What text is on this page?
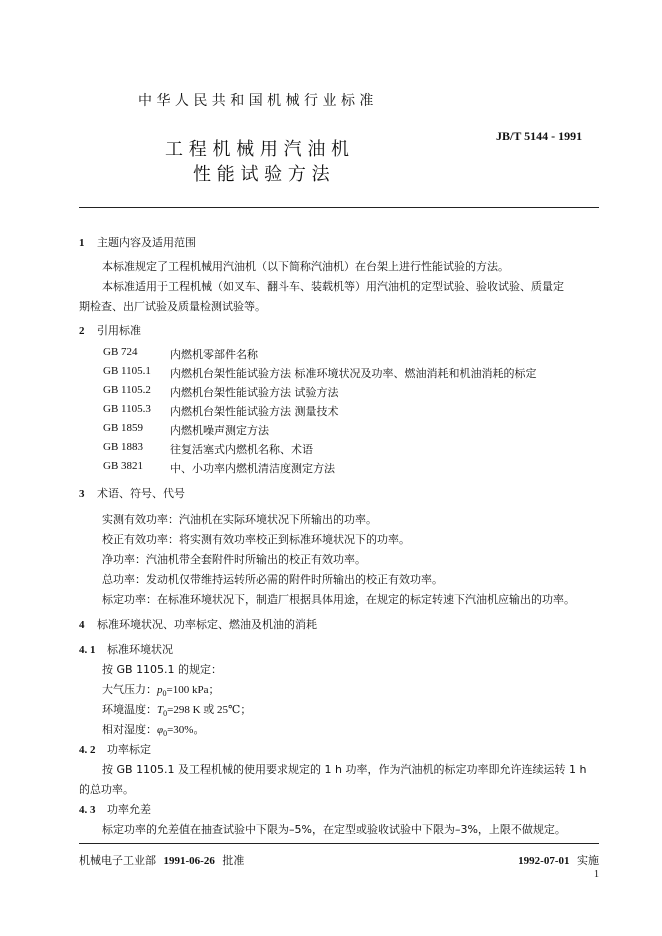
中 华 人 民 共 和 国 机 械 行 业 标 准
工 程 机 械 用 汽 油 机
性 能 试 验 方 法
JB/T 5144 - 1991
1 主题内容及适用范围
本标准规定了工程机械用汽油机（以下简称汽油机）在台架上进行性能试验的方法。
本标准适用于工程机械（如叉车、翻斗车、装载机等）用汽油机的定型试验、验收试验、质量定
期检查、出厂试验及质量检测试验等。
2 引用标准
GB 724	内燃机零部件名称
GB 1105.1 内燃机台架性能试验方法 标准环境状况及功率、燃油消耗和机油消耗的标定
GB 1105.2 内燃机台架性能试验方法 试验方法
GB 1105.3 内燃机台架性能试验方法 测量技术
GB 1859 内燃机噪声测定方法
GB 1883 往复活塞式内燃机名称、术语
GB 3821 中、小功率内燃机清洁度测定方法
3 术语、符号、代号
实测有效功率：汽油机在实际环境状况下所输出的功率。
校正有效功率：将实测有效功率校正到标准环境状况下的功率。
净功率：汽油机带全套附件时所输出的校正有效功率。
总功率：发动机仅带维持运转所必需的附件时所输出的校正有效功率。
标定功率：在标准环境状况下，制造厂根据具体用途，在规定的标定转速下汽油机应输出的功率。
4 标准环境状况、功率标定、燃油及机油的消耗
4. 1 标准环境状况
按 GB 1105.1 的规定：
大气压力：$p_0=100$ kPa；
环境温度：$T_0=298$ K 或 25℃；
相对湿度：$\varphi_0=30\%$。
4. 2 功率标定
按 GB 1105.1 及工程机械的使用要求规定的 1 h 功率，作为汽油机的标定功率即允许连续运转 1 h
的总功率。
4. 3 功率允差
标定功率的允差值在抽查试验中下限为–5%，在定型或验收试验中下限为–3%，上限不做规定。
机械电子工业部 1991-06-26 批准	1992-07-01 实施
1
